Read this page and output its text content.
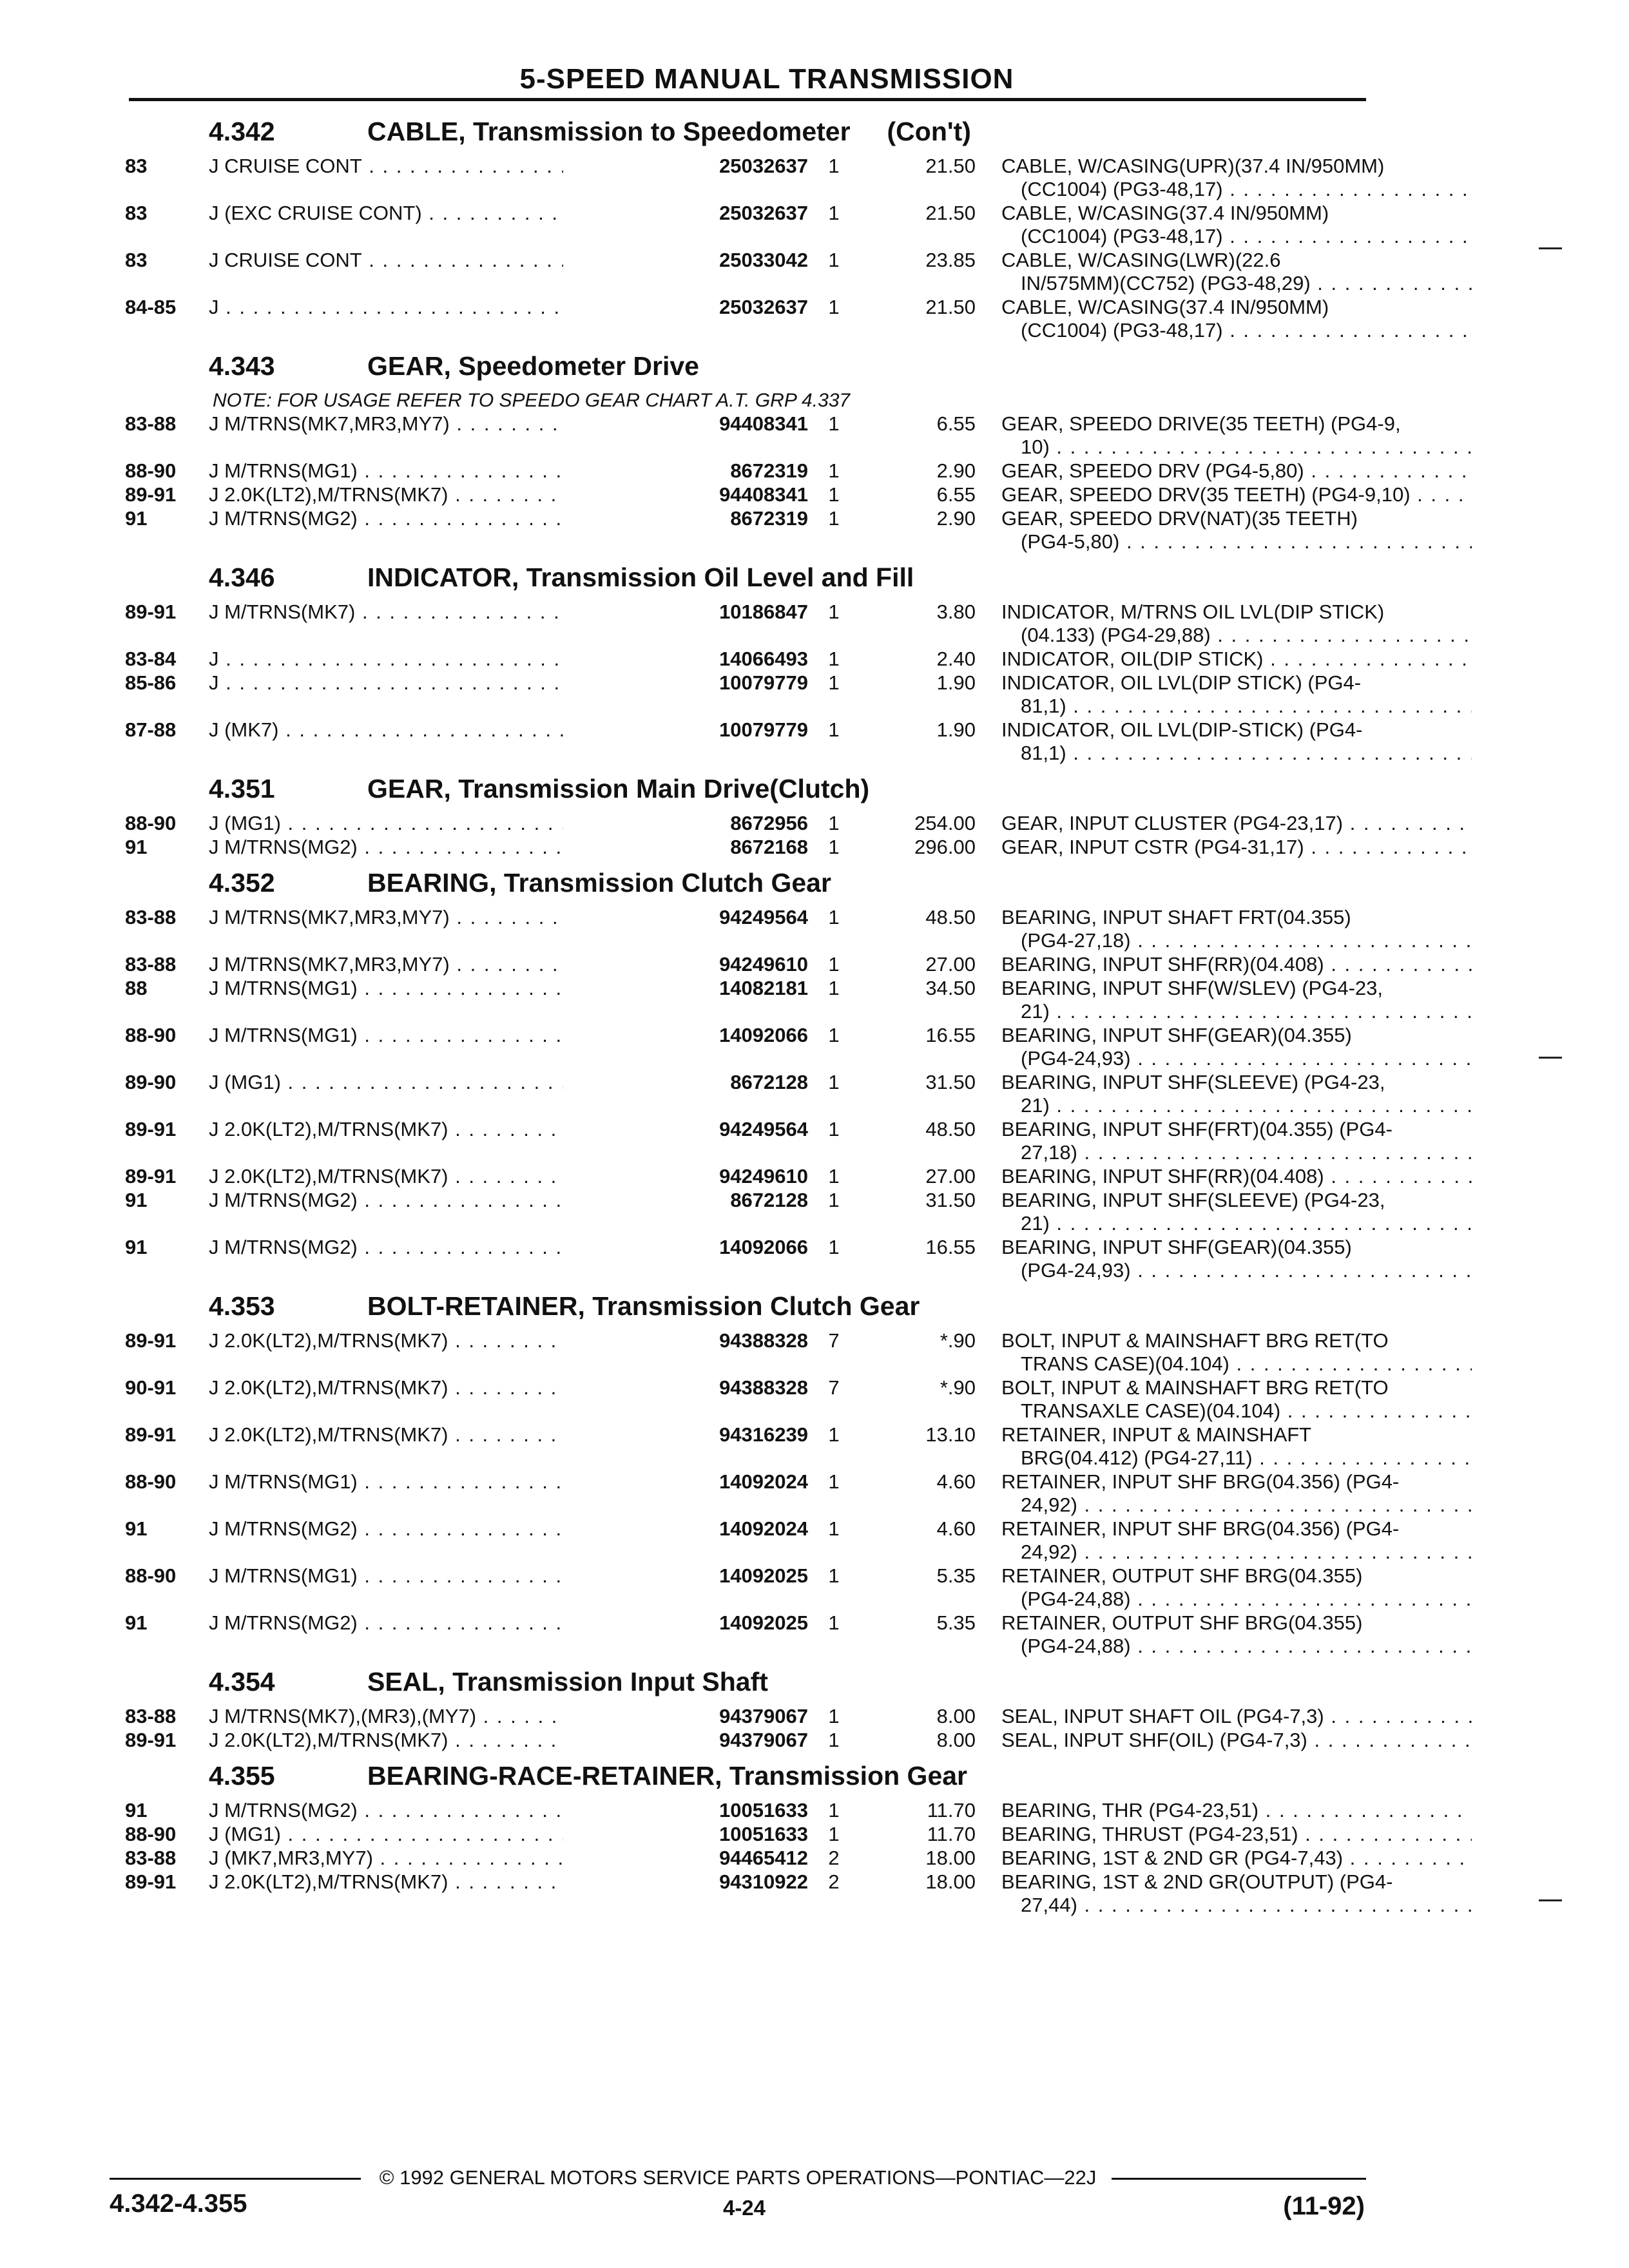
5-SPEED MANUAL TRANSMISSION
4.342	CABLE, Transmission to Speedometer     (Con't)
83	J CRUISE CONT . . .	25032637	1	21.50 CABLE, W/CASING(UPR)(37.4 IN/950MM)
(CC1004) (PG3-48,17) . . .
83	J (EXC CRUISE CONT) . . .	25032637	1	21.50 CABLE, W/CASING(37.4 IN/950MM)
(CC1004) (PG3-48,17) . . .
83	J CRUISE CONT . . .	25033042	1	23.85 CABLE, W/CASING(LWR)(22.6
IN/575MM)(CC752) (PG3-48,29) . . .
84-85 J . . .	25032637	1	21.50 CABLE, W/CASING(37.4 IN/950MM)
(CC1004) (PG3-48,17) . . .
4.343	GEAR, Speedometer Drive
NOTE: FOR USAGE REFER TO SPEEDO GEAR CHART A.T. GRP 4.337
83-88 J M/TRNS(MK7,MR3,MY7) . . .	94408341	1	6.55 GEAR, SPEEDO DRIVE(35 TEETH) (PG4-9,
10) . . .
88-90 J M/TRNS(MG1) . . .	8672319	1	2.90 GEAR, SPEEDO DRV (PG4-5,80) . . .
89-91 J 2.0K(LT2),M/TRNS(MK7) . . .	94408341	1	6.55 GEAR, SPEEDO DRV(35 TEETH) (PG4-9,10) . . .
91	J M/TRNS(MG2) . . .	8672319	1	2.90 GEAR, SPEEDO DRV(NAT)(35 TEETH)
(PG4-5,80) . . .
4.346	INDICATOR, Transmission Oil Level and Fill
89-91 J M/TRNS(MK7) . . .	10186847	1	3.80 INDICATOR, M/TRNS OIL LVL(DIP STICK)
(04.133) (PG4-29,88) . . .
83-84 J . . .	14066493	1	2.40 INDICATOR, OIL(DIP STICK) . . .
85-86 J . . .	10079779	1	1.90 INDICATOR, OIL LVL(DIP STICK) (PG4-
81,1) . . .
87-88 J (MK7) . . .	10079779	1	1.90 INDICATOR, OIL LVL(DIP-STICK) (PG4-
81,1) . . .
4.351	GEAR, Transmission Main Drive(Clutch)
88-90 J (MG1) . . .	8672956	1	254.00 GEAR, INPUT CLUSTER (PG4-23,17) . . .
91	J M/TRNS(MG2) . . .	8672168	1	296.00 GEAR, INPUT CSTR (PG4-31,17) . . .
4.352	BEARING, Transmission Clutch Gear
83-88 J M/TRNS(MK7,MR3,MY7) . . .	94249564	1	48.50 BEARING, INPUT SHAFT FRT(04.355)
(PG4-27,18) . . .
83-88 J M/TRNS(MK7,MR3,MY7) . . .	94249610	1	27.00 BEARING, INPUT SHF(RR)(04.408) . . .
88	J M/TRNS(MG1) . . .	14082181	1	34.50 BEARING, INPUT SHF(W/SLEV) (PG4-23,
21) . . .
88-90 J M/TRNS(MG1) . . .	14092066	1	16.55 BEARING, INPUT SHF(GEAR)(04.355)
(PG4-24,93) . . .
89-90 J (MG1) . . .	8672128	1	31.50 BEARING, INPUT SHF(SLEEVE) (PG4-23,
21) . . .
89-91 J 2.0K(LT2),M/TRNS(MK7) . . .	94249564	1	48.50 BEARING, INPUT SHF(FRT)(04.355) (PG4-
27,18) . . .
89-91 J 2.0K(LT2),M/TRNS(MK7) . . .	94249610	1	27.00 BEARING, INPUT SHF(RR)(04.408) . . .
91	J M/TRNS(MG2) . . .	8672128	1	31.50 BEARING, INPUT SHF(SLEEVE) (PG4-23,
21) . . .
91	J M/TRNS(MG2) . . .	14092066	1	16.55 BEARING, INPUT SHF(GEAR)(04.355)
(PG4-24,93) . . .
4.353	BOLT-RETAINER, Transmission Clutch Gear
89-91 J 2.0K(LT2),M/TRNS(MK7) . . .	94388328	7	*.90 BOLT, INPUT & MAINSHAFT BRG RET(TO
TRANS CASE)(04.104) . . .
90-91 J 2.0K(LT2),M/TRNS(MK7) . . .	94388328	7	*.90 BOLT, INPUT & MAINSHAFT BRG RET(TO
TRANSAXLE CASE)(04.104) . . .
89-91 J 2.0K(LT2),M/TRNS(MK7) . . .	94316239	1	13.10 RETAINER, INPUT & MAINSHAFT
BRG(04.412) (PG4-27,11) . . .
88-90 J M/TRNS(MG1) . . .	14092024	1	4.60 RETAINER, INPUT SHF BRG(04.356) (PG4-
24,92) . . .
91	J M/TRNS(MG2) . . .	14092024	1	4.60 RETAINER, INPUT SHF BRG(04.356) (PG4-
24,92) . . .
88-90 J M/TRNS(MG1) . . .	14092025	1	5.35 RETAINER, OUTPUT SHF BRG(04.355)
(PG4-24,88) . . .
91	J M/TRNS(MG2) . . .	14092025	1	5.35 RETAINER, OUTPUT SHF BRG(04.355)
(PG4-24,88) . . .
4.354	SEAL, Transmission Input Shaft
83-88 J M/TRNS(MK7),(MR3),(MY7) . . .	94379067	1	8.00 SEAL, INPUT SHAFT OIL (PG4-7,3) . . .
89-91 J 2.0K(LT2),M/TRNS(MK7) . . .	94379067	1	8.00 SEAL, INPUT SHF(OIL) (PG4-7,3) . . .
4.355	BEARING-RACE-RETAINER, Transmission Gear
91	J M/TRNS(MG2) . . .	10051633	1	11.70 BEARING, THR (PG4-23,51) . . .
88-90 J (MG1) . . .	10051633	1	11.70 BEARING, THRUST (PG4-23,51) . . .
83-88 J (MK7,MR3,MY7) . . .	94465412	2	18.00 BEARING, 1ST & 2ND GR (PG4-7,43) . . .
89-91 J 2.0K(LT2),M/TRNS(MK7) . . .	94310922	2	18.00 BEARING, 1ST & 2ND GR(OUTPUT) (PG4-
27,44) . . .
© 1992 GENERAL MOTORS SERVICE PARTS OPERATIONS—PONTIAC—22J
4.342-4.355	4-24	(11-92)
